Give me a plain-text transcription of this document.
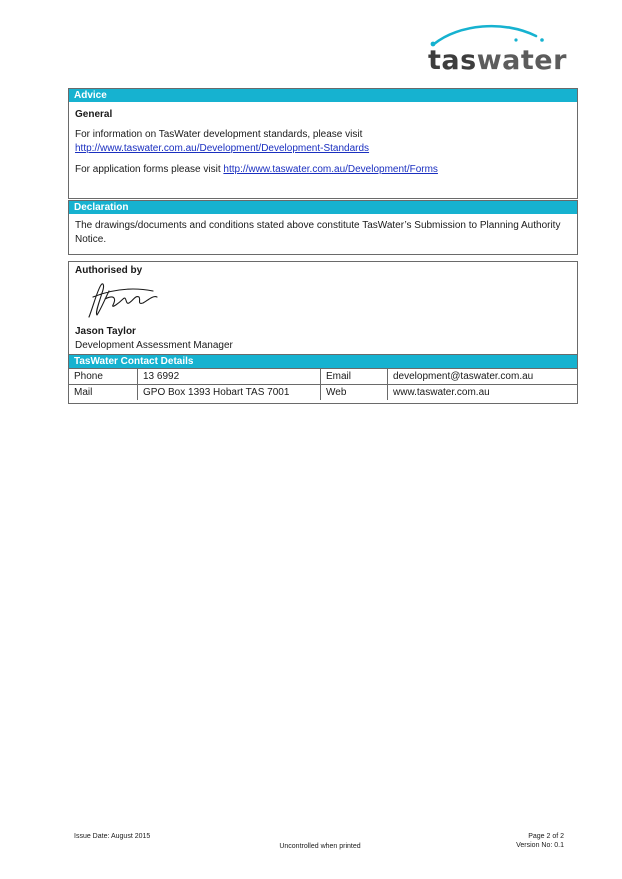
taswater
Advice

General

For information on TasWater development standards, please visit
http://www.taswater.com.au/Development/Development-Standards

For application forms please visit http://www.taswater.com.au/Development/Forms

Declaration

The drawings/documents and conditions stated above constitute TasWater’s Submission to Planning Authority Notice.

Authorised by
Jason Taylor
Development Assessment Manager
TasWater Contact Details
Phone	13 6992	Email	development@taswater.com.au
Mail	GPO Box 1393 Hobart TAS 7001	Web	www.taswater.com.au
Issue Date: August 2015
Uncontrolled when printed
Page 2 of 2
Version No: 0.1
